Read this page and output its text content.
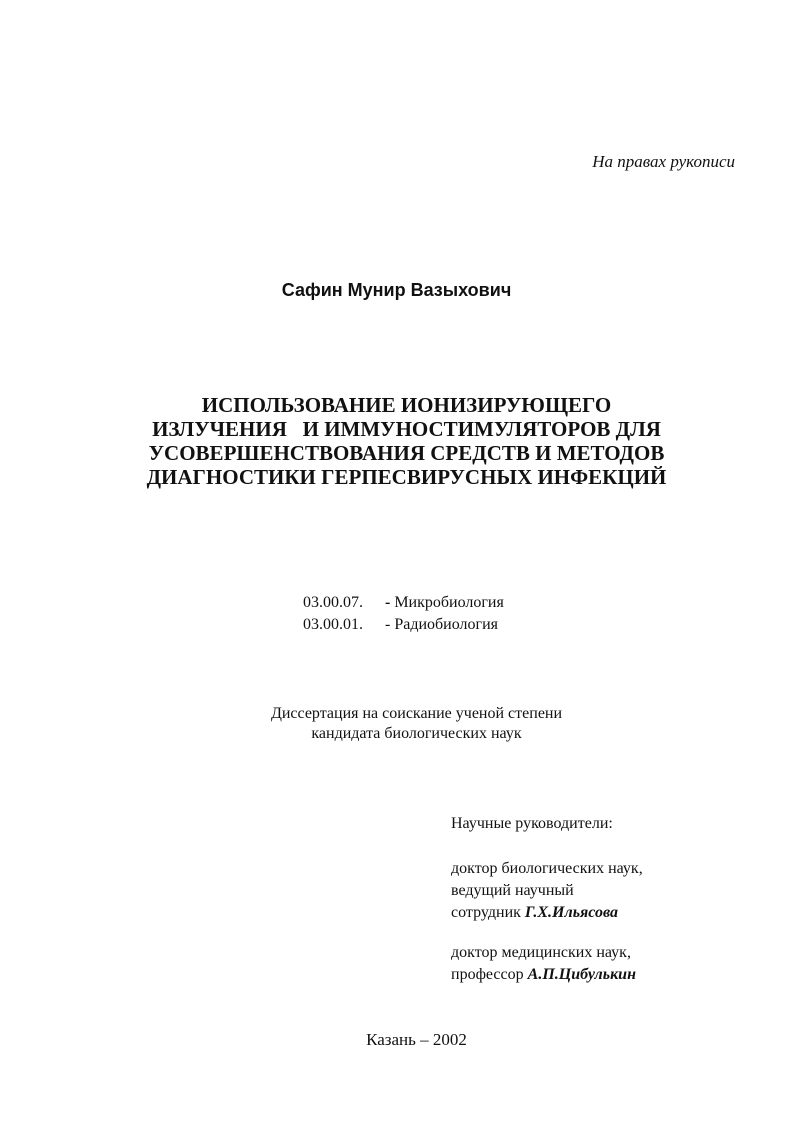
На правах рукописи
Сафин Мунир Вазыхович
ИСПОЛЬЗОВАНИЕ ИОНИЗИРУЮЩЕГО
ИЗЛУЧЕНИЯ   И ИММУНОСТИМУЛЯТОРОВ ДЛЯ
УСОВЕРШЕНСТВОВАНИЯ СРЕДСТВ И МЕТОДОВ
ДИАГНОСТИКИ ГЕРПЕСВИРУСНЫХ ИНФЕКЦИЙ
03.00.07. - Микробиология
03.00.01. - Радиобиология
Диссертация на соискание ученой степени
кандидата биологических наук
Научные руководители:
доктор биологических наук,
ведущий научный
сотрудник Г.Х.Ильясова
доктор медицинских наук,
профессор А.П.Цибулькин
Казань – 2002
